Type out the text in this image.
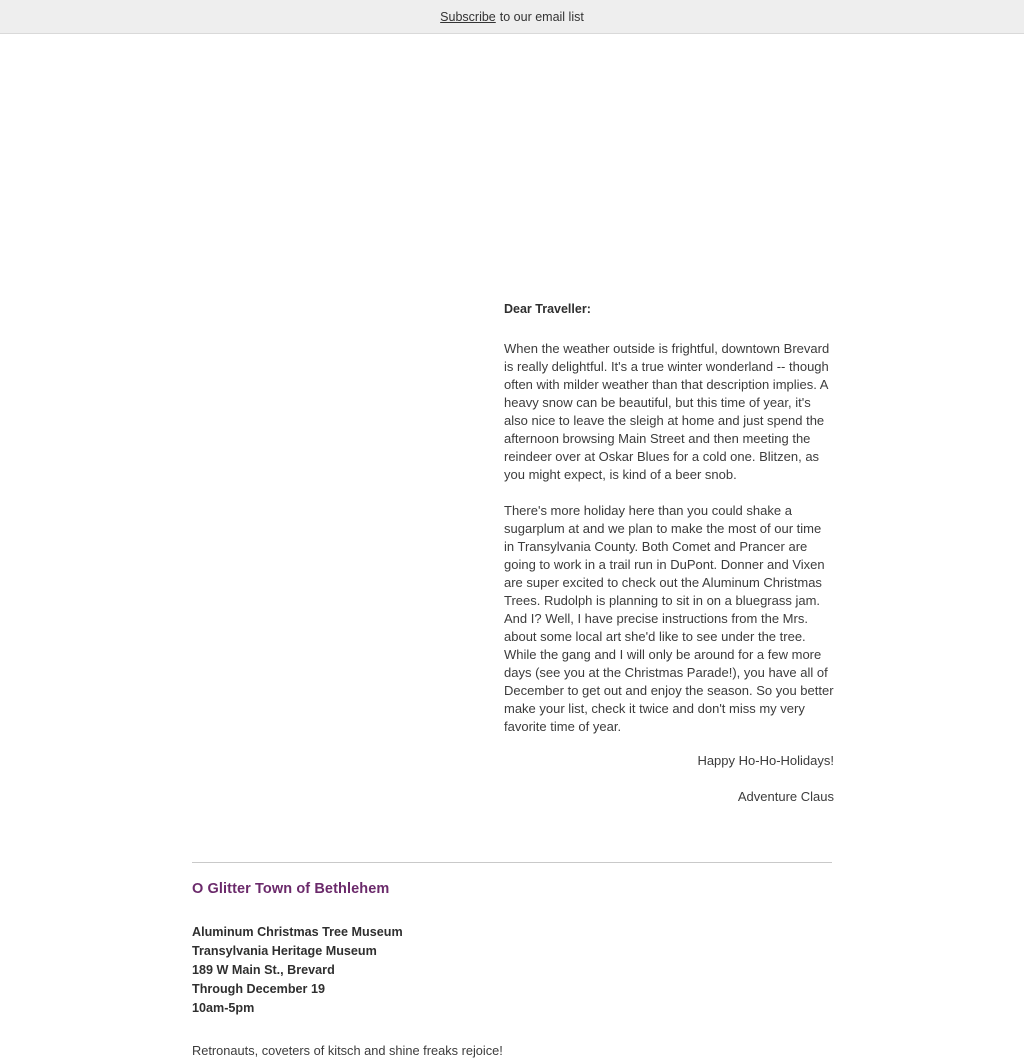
Subscribe to our email list

Dear Traveller:

When the weather outside is frightful, downtown Brevard is really delightful. It's a true winter wonderland -- though often with milder weather than that description implies. A heavy snow can be beautiful, but this time of year, it's also nice to leave the sleigh at home and just spend the afternoon browsing Main Street and then meeting the reindeer over at Oskar Blues for a cold one. Blitzen, as you might expect, is kind of a beer snob.

There's more holiday here than you could shake a sugarplum at and we plan to make the most of our time in Transylvania County. Both Comet and Prancer are going to work in a trail run in DuPont. Donner and Vixen are super excited to check out the Aluminum Christmas Trees. Rudolph is planning to sit in on a bluegrass jam. And I? Well, I have precise instructions from the Mrs. about some local art she'd like to see under the tree. While the gang and I will only be around for a few more days (see you at the Christmas Parade!), you have all of December to get out and enjoy the season. So you better make your list, check it twice and don't miss my very favorite time of year.

Happy Ho-Ho-Holidays!

Adventure Claus

O Glitter Town of Bethlehem
Aluminum Christmas Tree Museum
Transylvania Heritage Museum
189 W Main St., Brevard
Through December 19
10am-5pm

Retronauts, coveters of kitsch and shine freaks rejoice!
